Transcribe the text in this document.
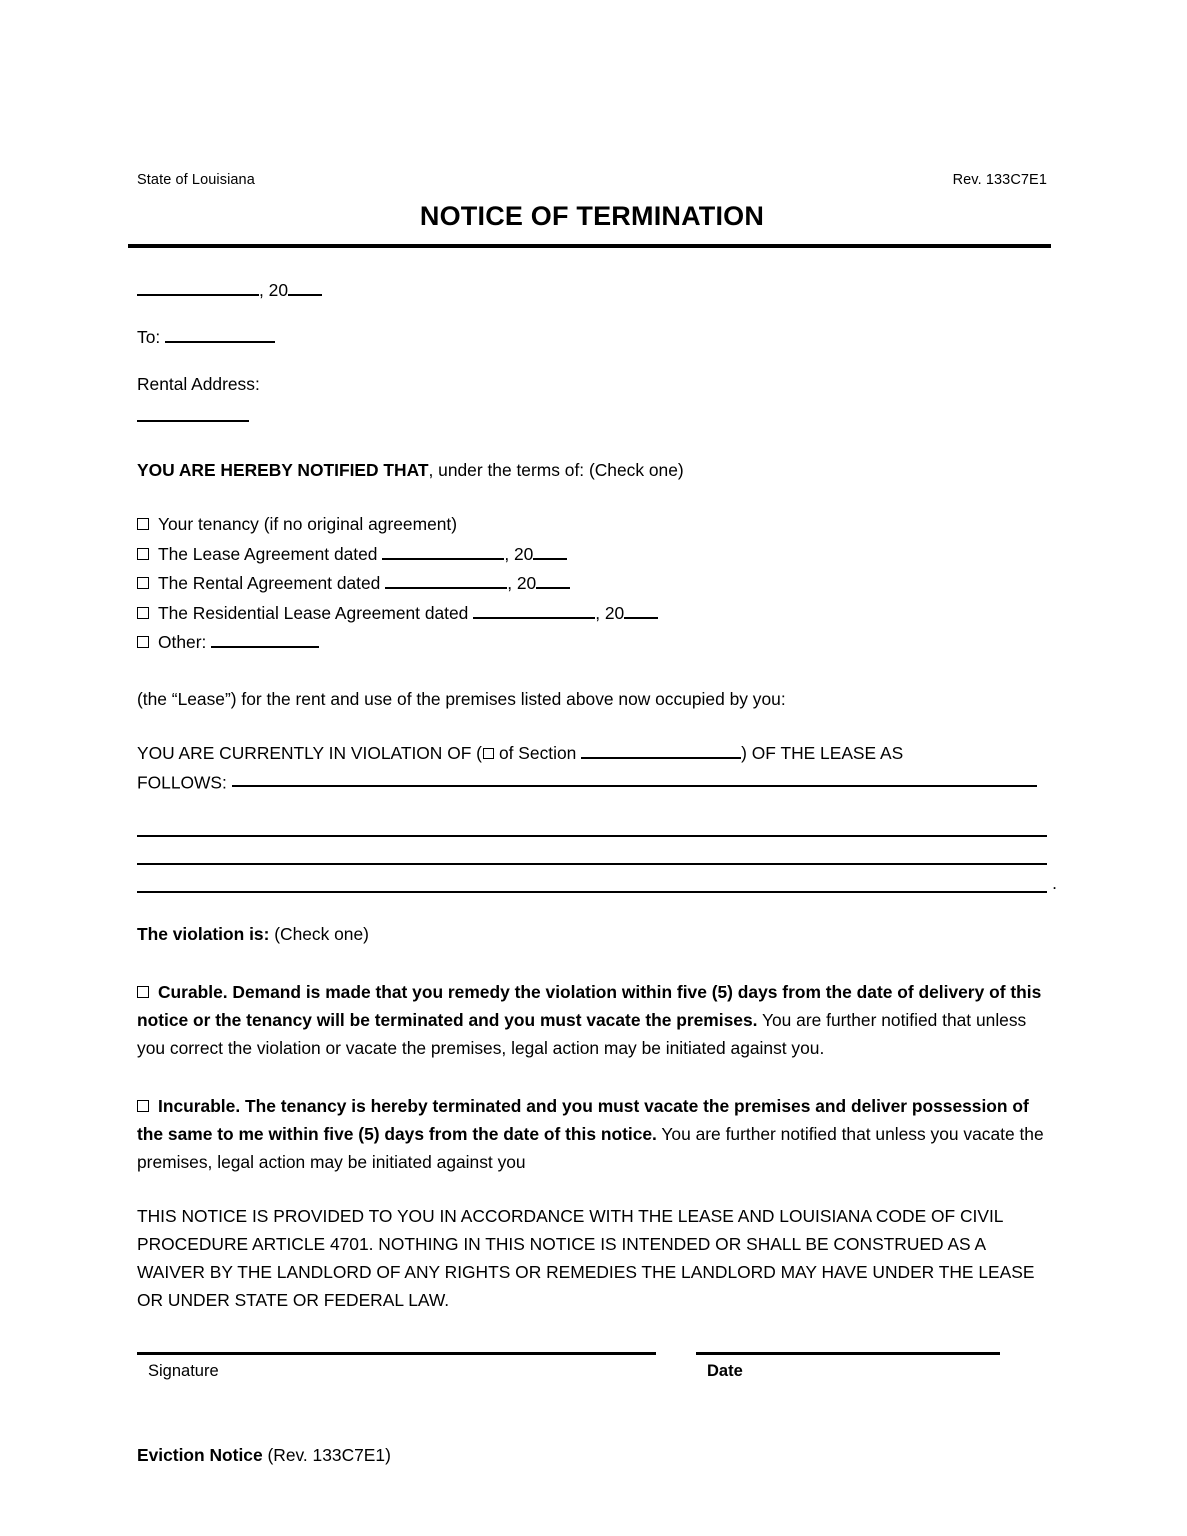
State of Louisiana	Rev. 133C7E1
NOTICE OF TERMINATION
, 20
To:
Rental Address:
YOU ARE HEREBY NOTIFIED THAT, under the terms of: (Check one)
Your tenancy (if no original agreement)
The Lease Agreement dated	, 20
The Rental Agreement dated	, 20
The Residential Lease Agreement dated	, 20
Other:
(the “Lease”) for the rent and use of the premises listed above now occupied by you:
YOU ARE CURRENTLY IN VIOLATION OF ( of Section	) OF THE LEASE AS
FOLLOWS:
.
The violation is: (Check one)
Curable. Demand is made that you remedy the violation within five (5) days from the date of delivery of this notice or the tenancy will be terminated and you must vacate the premises. You are further notified that unless you correct the violation or vacate the premises, legal action may be initiated against you.
Incurable. The tenancy is hereby terminated and you must vacate the premises and deliver possession of the same to me within five (5) days from the date of this notice. You are further notified that unless you vacate the premises, legal action may be initiated against you
THIS NOTICE IS PROVIDED TO YOU IN ACCORDANCE WITH THE LEASE AND LOUISIANA CODE OF CIVIL PROCEDURE ARTICLE 4701. NOTHING IN THIS NOTICE IS INTENDED OR SHALL BE CONSTRUED AS A WAIVER BY THE LANDLORD OF ANY RIGHTS OR REMEDIES THE LANDLORD MAY HAVE UNDER THE LEASE OR UNDER STATE OR FEDERAL LAW.
Signature	Date
Eviction Notice (Rev. 133C7E1)
